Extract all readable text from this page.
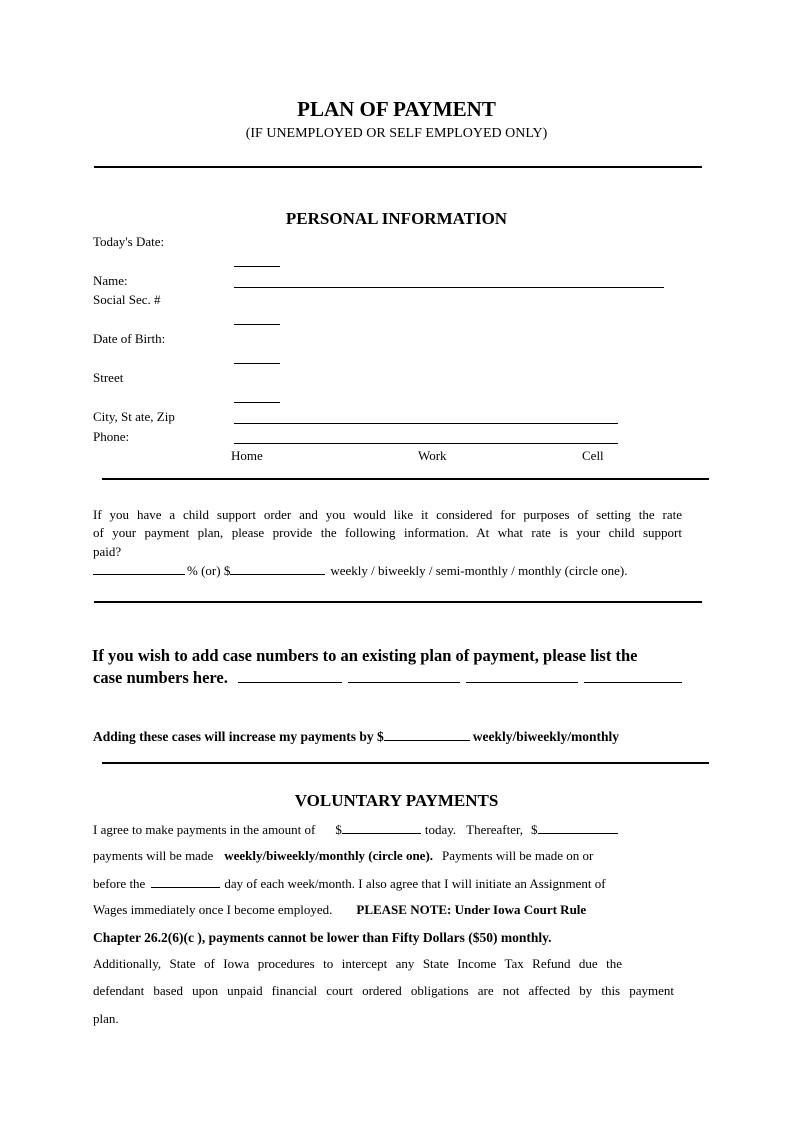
PLAN OF PAYMENT
(IF UNEMPLOYED OR SELF EMPLOYED ONLY)
PERSONAL INFORMATION
Today's Date:
Name:
Social Sec. #
Date of Birth:
Street
City, St ate, Zip
Phone:
Home	Work	Cell
If you have a child support order and you would like it considered for purposes of setting the rate
of your payment plan, please provide the following information. At what rate is your child support
paid?
% (or) $	weekly / biweekly / semi-monthly / monthly (circle one).
If you wish to add case numbers to an existing plan of payment, please list the
case numbers here.
Adding these cases will increase my payments by $	weekly/biweekly/monthly
VOLUNTARY PAYMENTS
I agree to make payments in the amount of $	today. Thereafter, $
payments will be made weekly/biweekly/monthly (circle one). Payments will be made on or
before the	day of each week/month. I also agree that I will initiate an Assignment of
Wages immediately once I become employed. PLEASE NOTE: Under Iowa Court Rule
Chapter 26.2(6)(c ), payments cannot be lower than Fifty Dollars ($50) monthly.
Additionally, State of Iowa procedures to intercept any State Income Tax Refund due the
defendant based upon unpaid financial court ordered obligations are not affected by this payment
plan.
